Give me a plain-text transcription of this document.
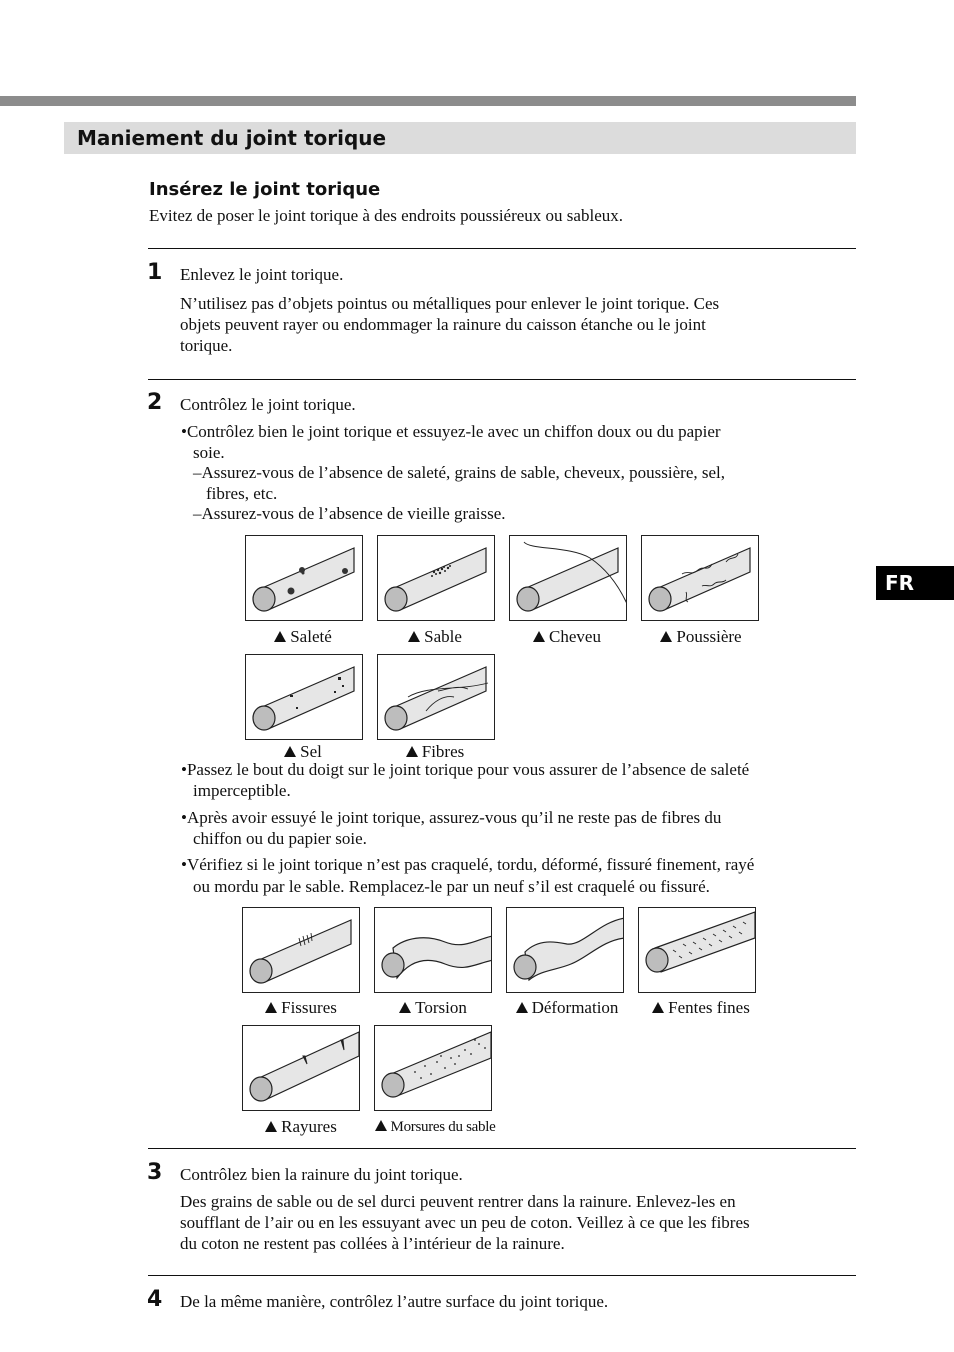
Maniement du joint torique
Insérez le joint torique
Evitez de poser le joint torique à des endroits poussiéreux ou sableux.
FR
1 Enlevez le joint torique.

N’utilisez pas d’objets pointus ou métalliques pour enlever le joint torique. Ces

objets peuvent rayer ou endommager la rainure du caisson étanche ou le joint

torique.

2 Contrôlez le joint torique.

•Contrôlez bien le joint torique et essuyez-le avec un chiffon doux ou du papier

soie.

–Assurez-vous de l’absence de saleté, grains de sable, cheveux, poussière, sel,

fibres, etc.

–Assurez-vous de l’absence de vieille graisse.

Saleté	Sable	Cheveu	Poussière
Sel	Fibres

•Passez le bout du doigt sur le joint torique pour vous assurer de l’absence de saleté

imperceptible.

•Après avoir essuyé le joint torique, assurez-vous qu’il ne reste pas de fibres du

chiffon ou du papier soie.

•Vérifiez si le joint torique n’est pas craquelé, tordu, déformé, fissuré finement, rayé

ou mordu par le sable. Remplacez-le par un neuf s’il est craquelé ou fissuré.

Fissures	Torsion	Déformation	Fentes fines
Rayures	Morsures du sable
3 Contrôlez bien la rainure du joint torique.

Des grains de sable ou de sel durci peuvent rentrer dans la rainure. Enlevez-les en

soufflant de l’air ou en les essuyant avec un peu de coton. Veillez à ce que les fibres

du coton ne restent pas collées à l’intérieur de la rainure.

4 De la même manière, contrôlez l’autre surface du joint torique.
